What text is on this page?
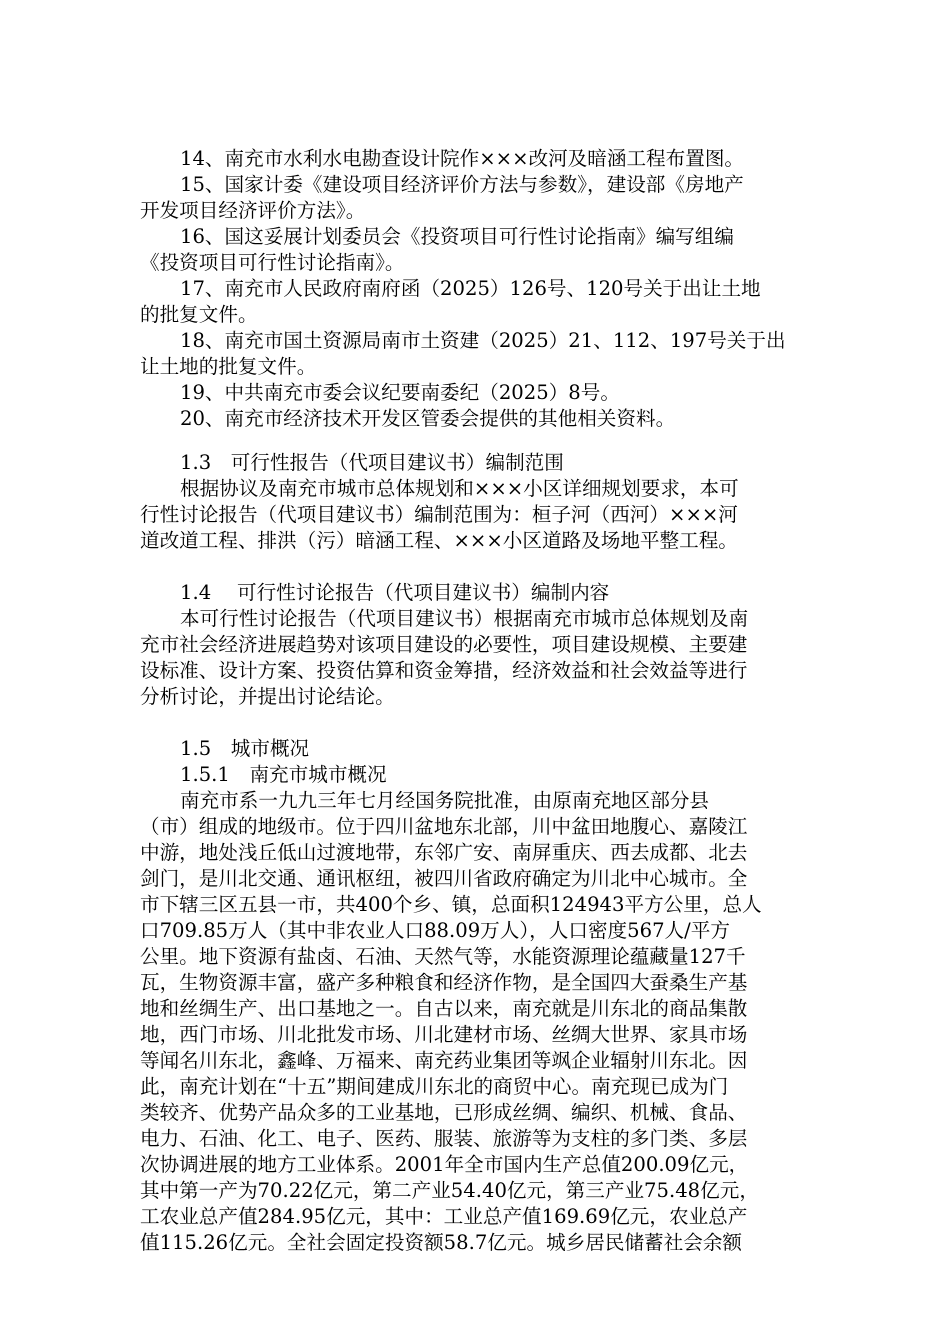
14、南充市水利水电勘查设计院作×××改河及暗涵工程布置图。
15、国家计委《建设项目经济评价方法与参数》，建设部《房地产
开发项目经济评价方法》。
16、国这妥展计划委员会《投资项目可行性讨论指南》编写组编
《投资项目可行性讨论指南》。
17、南充市人民政府南府函（2025）126号、120号关于出让土地
的批复文件。
18、南充市国土资源局南市土资建（2025）21、112、197号关于出
让土地的批复文件。
19、中共南充市委会议纪要南委纪（2025）8号。
20、南充市经济技术开发区管委会提供的其他相关资料。
1.3　可行性报告（代项目建议书）编制范围
根据协议及南充市城市总体规划和×××小区详细规划要求，本可
行性讨论报告（代项目建议书）编制范围为：桓子河（西河）×××河
道改道工程、排洪（污）暗涵工程、×××小区道路及场地平整工程。
1.4　 可行性讨论报告（代项目建议书）编制内容
本可行性讨论报告（代项目建议书）根据南充市城市总体规划及南
充市社会经济进展趋势对该项目建设的必要性，项目建设规模、主要建
设标准、设计方案、投资估算和资金筹措，经济效益和社会效益等进行
分析讨论，并提出讨论结论。
1.5　城市概况
1.5.1　南充市城市概况
南充市系一九九三年七月经国务院批准，由原南充地区部分县
（市）组成的地级市。位于四川盆地东北部，川中盆田地腹心、嘉陵江
中游，地处浅丘低山过渡地带，东邻广安、南屏重庆、西去成都、北去
剑门，是川北交通、通讯枢纽，被四川省政府确定为川北中心城市。全
市下辖三区五县一市，共400个乡、镇，总面积124943平方公里，总人
口709.85万人（其中非农业人口88.09万人），人口密度567人/平方
公里。地下资源有盐卤、石油、天然气等，水能资源理论蕴藏量127千
瓦，生物资源丰富，盛产多种粮食和经济作物，是全国四大蚕桑生产基
地和丝绸生产、出口基地之一。自古以来，南充就是川东北的商品集散
地，西门市场、川北批发市场、川北建材市场、丝绸大世界、家具市场
等闻名川东北，鑫峰、万福来、南充药业集团等飒企业辐射川东北。因
此，南充计划在“十五”期间建成川东北的商贸中心。南充现已成为门
类较齐、优势产品众多的工业基地，已形成丝绸、编织、机械、食品、
电力、石油、化工、电子、医药、服装、旅游等为支柱的多门类、多层
次协调进展的地方工业体系。2001年全市国内生产总值200.09亿元，
其中第一产为70.22亿元，第二产业54.40亿元，第三产业75.48亿元，
工农业总产值284.95亿元，其中：工业总产值169.69亿元，农业总产
值115.26亿元。全社会固定投资额58.7亿元。城乡居民储蓄社会余额
